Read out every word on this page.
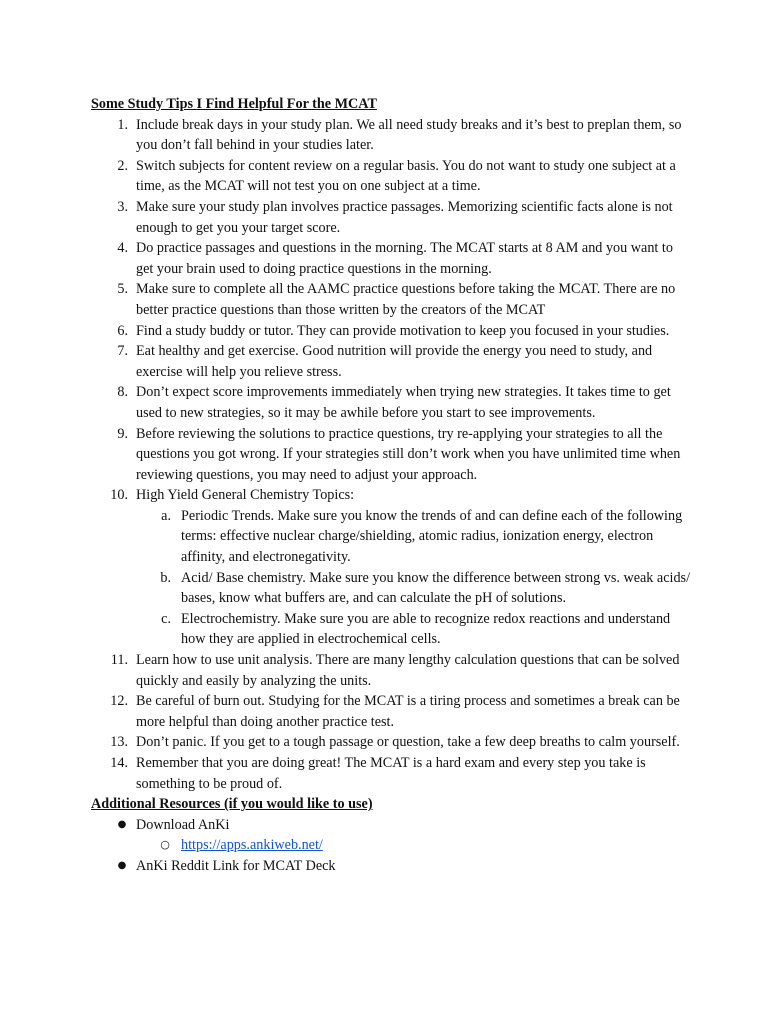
Some Study Tips I Find Helpful For the MCAT

1. Include break days in your study plan. We all need study breaks and it’s best to preplan them, so you don’t fall behind in your studies later.
2. Switch subjects for content review on a regular basis. You do not want to study one subject at a time, as the MCAT will not test you on one subject at a time.
3. Make sure your study plan involves practice passages. Memorizing scientific facts alone is not enough to get you your target score.
4. Do practice passages and questions in the morning. The MCAT starts at 8 AM and you want to get your brain used to doing practice questions in the morning.
5. Make sure to complete all the AAMC practice questions before taking the MCAT. There are no better practice questions than those written by the creators of the MCAT
6. Find a study buddy or tutor. They can provide motivation to keep you focused in your studies.
7. Eat healthy and get exercise. Good nutrition will provide the energy you need to study, and exercise will help you relieve stress.
8. Don’t expect score improvements immediately when trying new strategies. It takes time to get used to new strategies, so it may be awhile before you start to see improvements.
9. Before reviewing the solutions to practice questions, try re-applying your strategies to all the questions you got wrong. If your strategies still don’t work when you have unlimited time when reviewing questions, you may need to adjust your approach.
10. High Yield General Chemistry Topics:
a. Periodic Trends. Make sure you know the trends of and can define each of the following terms: effective nuclear charge/shielding, atomic radius, ionization energy, electron affinity, and electronegativity.
b. Acid/ Base chemistry. Make sure you know the difference between strong vs. weak acids/ bases, know what buffers are, and can calculate the pH of solutions.
c. Electrochemistry. Make sure you are able to recognize redox reactions and understand how they are applied in electrochemical cells.
11. Learn how to use unit analysis. There are many lengthy calculation questions that can be solved quickly and easily by analyzing the units.
12. Be careful of burn out. Studying for the MCAT is a tiring process and sometimes a break can be more helpful than doing another practice test.
13. Don’t panic. If you get to a tough passage or question, take a few deep breaths to calm yourself.
14. Remember that you are doing great! The MCAT is a hard exam and every step you take is something to be proud of.

Additional Resources (if you would like to use)

● Download AnKi
○ https://apps.ankiweb.net/
● AnKi Reddit Link for MCAT Deck
